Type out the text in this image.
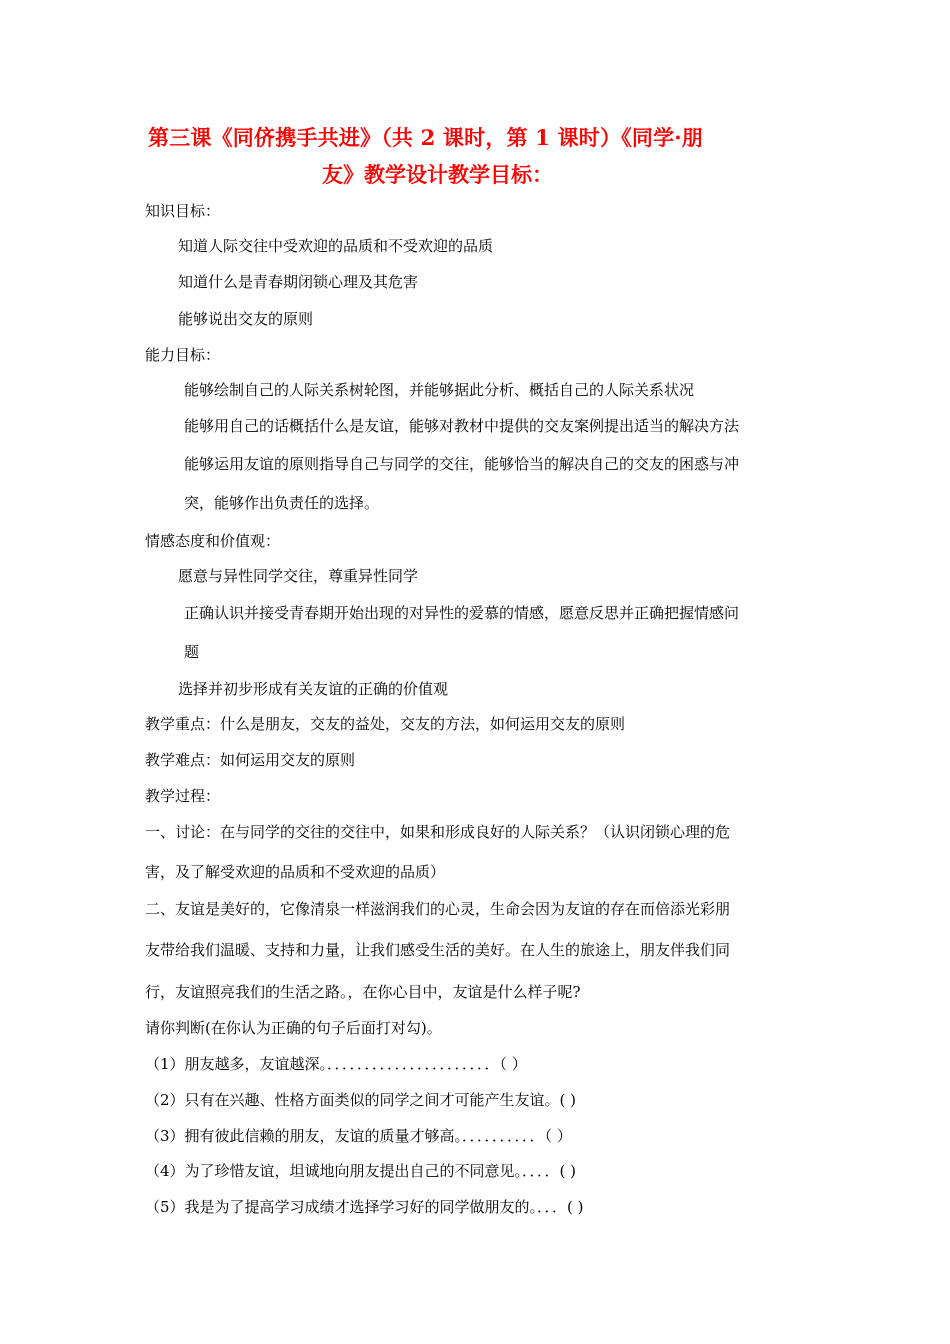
第三课《同侪携手共进》（共 2 课时，第 1 课时）《同学·朋
友》教学设计教学目标：
知识目标：
知道人际交往中受欢迎的品质和不受欢迎的品质
知道什么是青春期闭锁心理及其危害
能够说出交友的原则
能力目标：
能够绘制自己的人际关系树轮图，并能够据此分析、概括自己的人际关系状况
能够用自己的话概括什么是友谊，能够对教材中提供的交友案例提出适当的解决方法
能够运用友谊的原则指导自己与同学的交往，能够恰当的解决自己的交友的困惑与冲
突，能够作出负责任的选择。
情感态度和价值观：
愿意与异性同学交往，尊重异性同学
正确认识并接受青春期开始出现的对异性的爱慕的情感，愿意反思并正确把握情感问
题
选择并初步形成有关友谊的正确的价值观
教学重点：什么是朋友，交友的益处，交友的方法，如何运用交友的原则
教学难点：如何运用交友的原则
教学过程：
一、讨论：在与同学的交往的交往中，如果和形成良好的人际关系？（认识闭锁心理的危
害，及了解受欢迎的品质和不受欢迎的品质）
二、友谊是美好的，它像清泉一样滋润我们的心灵，生命会因为友谊的存在而倍添光彩朋
友带给我们温暖、支持和力量，让我们感受生活的美好。在人生的旅途上，朋友伴我们同
行，友谊照亮我们的生活之路。，在你心目中，友谊是什么样子呢?
请你判断(在你认为正确的句子后面打对勾)。
（1）朋友越多，友谊越深。．．．．．．．．．．．．．．．．．．．．．．（ ）
（2）只有在兴趣、性格方面类似的同学之间才可能产生友谊。( )
（3）拥有彼此信赖的朋友，友谊的质量才够高。．．．．．．．．．．（ ）
（4）为了珍惜友谊，坦诚地向朋友提出自己的不同意见。．．．．( )
（5）我是为了提高学习成绩才选择学习好的同学做朋友的。．．．( )
